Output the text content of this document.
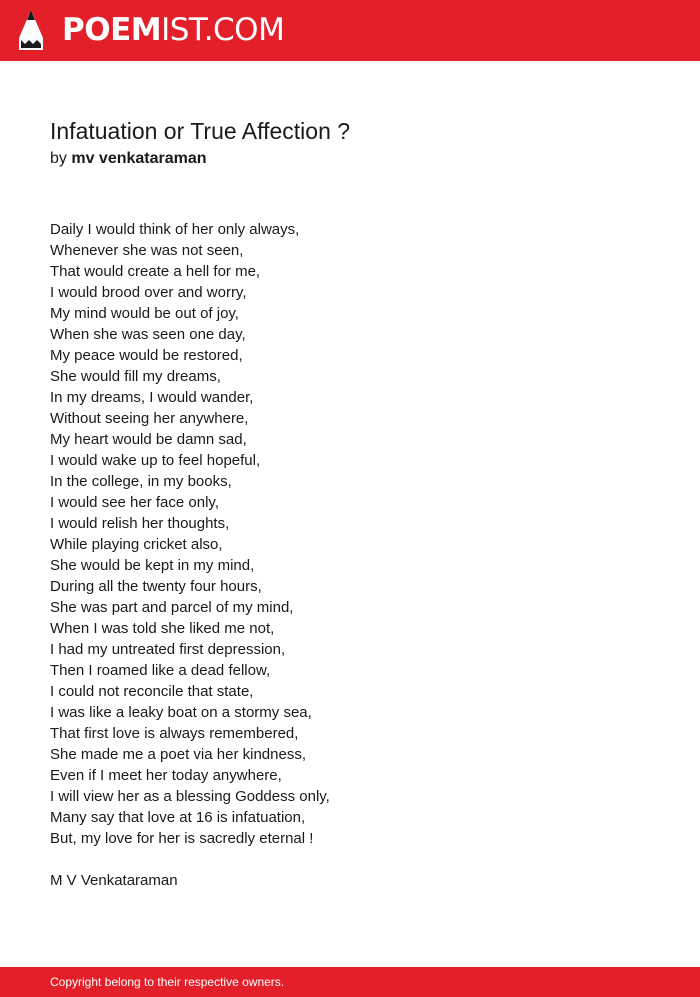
POEMIST.COM
Infatuation or True Affection ?
by mv venkataraman
Daily I would think of her only always,
Whenever she was not seen,
That would create a hell for me,
I would brood over and worry,
My mind would be out of joy,
When she was seen one day,
My peace would be restored,
She would fill my dreams,
In my dreams, I would wander,
Without seeing her anywhere,
My heart would be damn sad,
I would wake up to feel hopeful,
In the college, in my books,
I would see her face only,
I would relish her thoughts,
While playing cricket also,
She would be kept in my mind,
During all the twenty four hours,
She was part and parcel of my mind,
When I was told she liked me not,
I had my untreated first depression,
Then I roamed like a dead fellow,
I could not reconcile that state,
I was like a leaky boat on a stormy sea,
That first love is always remembered,
She made me a poet via her kindness,
Even if I meet her today anywhere,
I will view her as a blessing Goddess only,
Many say that love at 16 is infatuation,
But, my love for her is sacredly eternal !
M V Venkataraman
Copyright belong to their respective owners.
